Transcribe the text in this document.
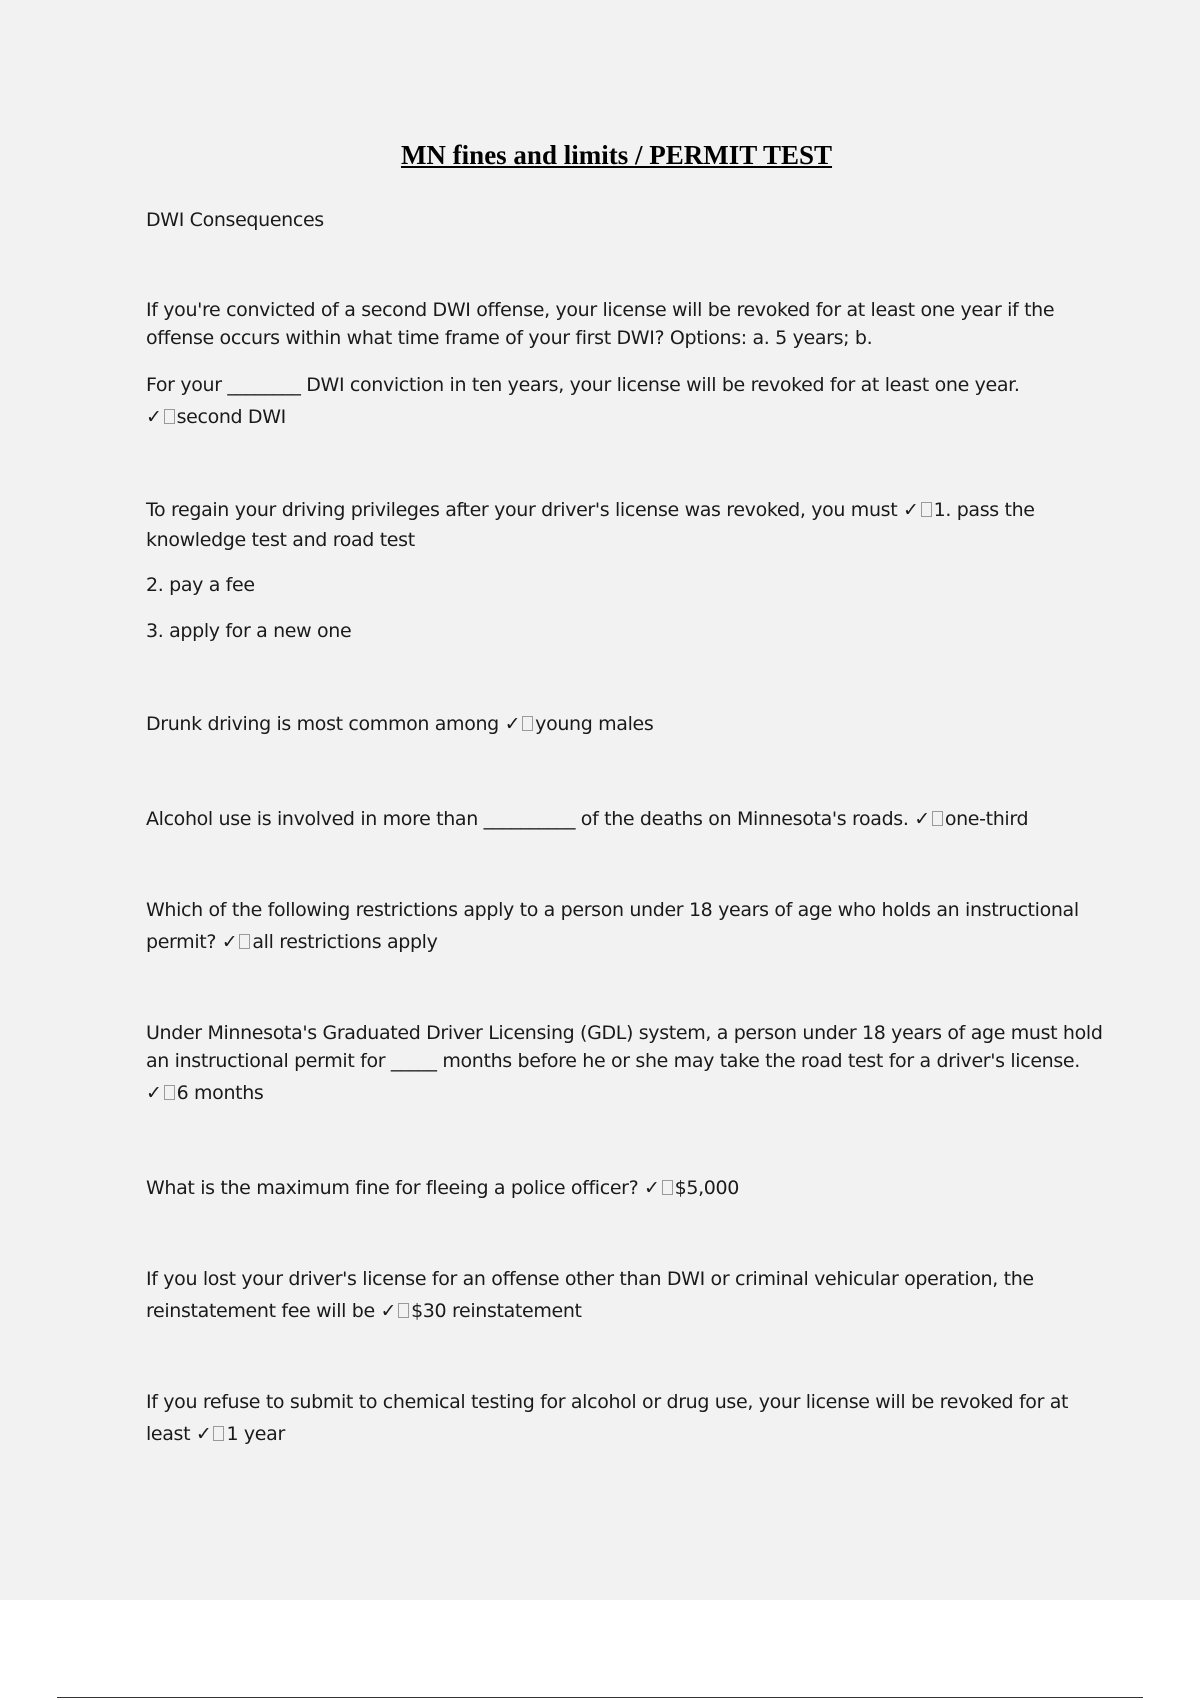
MN fines and limits / PERMIT TEST
DWI Consequences
If you're convicted of a second DWI offense, your license will be revoked for at least one year if the
offense occurs within what time frame of your first DWI? Options: a. 5 years; b.
For your ________ DWI conviction in ten years, your license will be revoked for at least one year.
✓ second DWI
To regain your driving privileges after your driver's license was revoked, you must ✓ 1. pass the
knowledge test and road test
2. pay a fee
3. apply for a new one
Drunk driving is most common among ✓ young males
Alcohol use is involved in more than __________ of the deaths on Minnesota's roads. ✓ one-third
Which of the following restrictions apply to a person under 18 years of age who holds an instructional
permit? ✓ all restrictions apply
Under Minnesota's Graduated Driver Licensing (GDL) system, a person under 18 years of age must hold
an instructional permit for _____ months before he or she may take the road test for a driver's license.
✓ 6 months
What is the maximum fine for fleeing a police officer? ✓ $5,000
If you lost your driver's license for an offense other than DWI or criminal vehicular operation, the
reinstatement fee will be ✓ $30 reinstatement
If you refuse to submit to chemical testing for alcohol or drug use, your license will be revoked for at
least ✓ 1 year
